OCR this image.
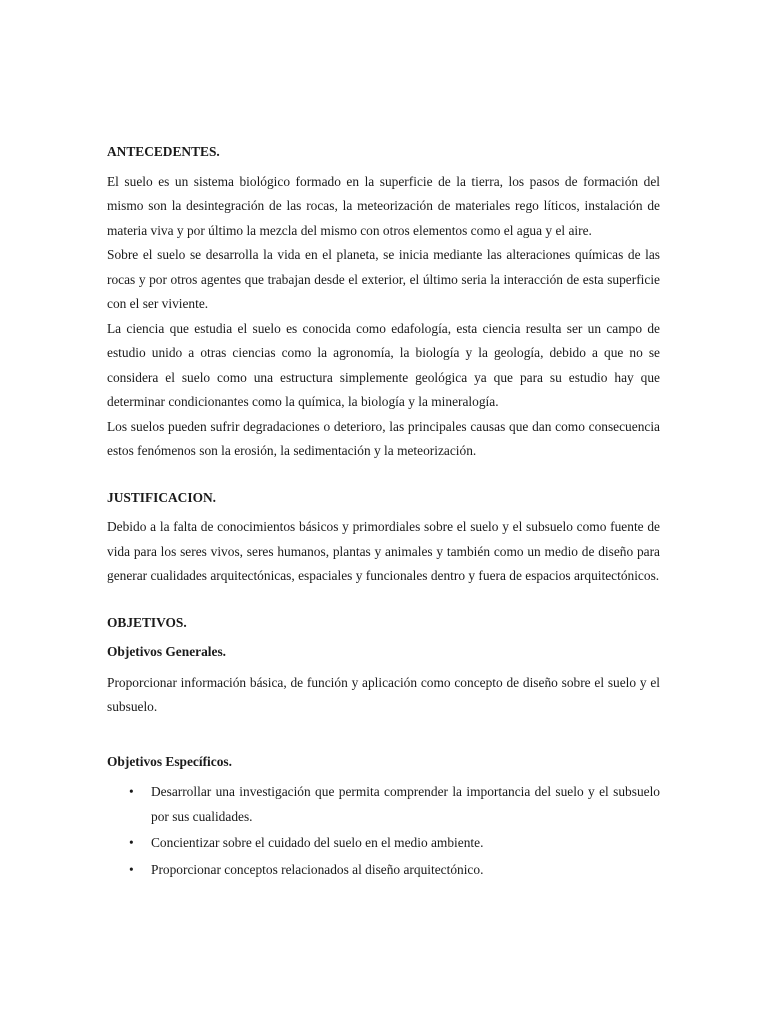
ANTECEDENTES.

El suelo es un sistema biológico formado en la superficie de la tierra, los pasos de formación del mismo son la desintegración de las rocas, la meteorización de materiales rego líticos, instalación de materia viva y por último la mezcla del mismo con otros elementos como el agua y el aire.

Sobre el suelo se desarrolla la vida en el planeta, se inicia mediante las alteraciones químicas de las rocas y por otros agentes que trabajan desde el exterior, el último seria la interacción de esta superficie con el ser viviente.

La ciencia que estudia el suelo es conocida como edafología, esta ciencia resulta ser un campo de estudio unido a otras ciencias como la agronomía, la biología y la geología, debido a que no se considera el suelo como una estructura simplemente geológica ya que para su estudio hay que determinar condicionantes como la química, la biología y la mineralogía.

Los suelos pueden sufrir degradaciones o deterioro, las principales causas que dan como consecuencia estos fenómenos son la erosión, la sedimentación y la meteorización.

JUSTIFICACION.

Debido a la falta de conocimientos básicos y primordiales sobre el suelo y el subsuelo como fuente de vida para los seres vivos, seres humanos, plantas y animales y también como un medio de diseño para generar cualidades arquitectónicas, espaciales y funcionales dentro y fuera de espacios arquitectónicos.

OBJETIVOS.
Objetivos Generales.

Proporcionar información básica, de función y aplicación como concepto de diseño sobre el suelo y el subsuelo.

Objetivos Específicos.
• Desarrollar una investigación que permita comprender la importancia del suelo y el subsuelo por sus cualidades.
• Concientizar sobre el cuidado del suelo en el medio ambiente.
• Proporcionar conceptos relacionados al diseño arquitectónico.
